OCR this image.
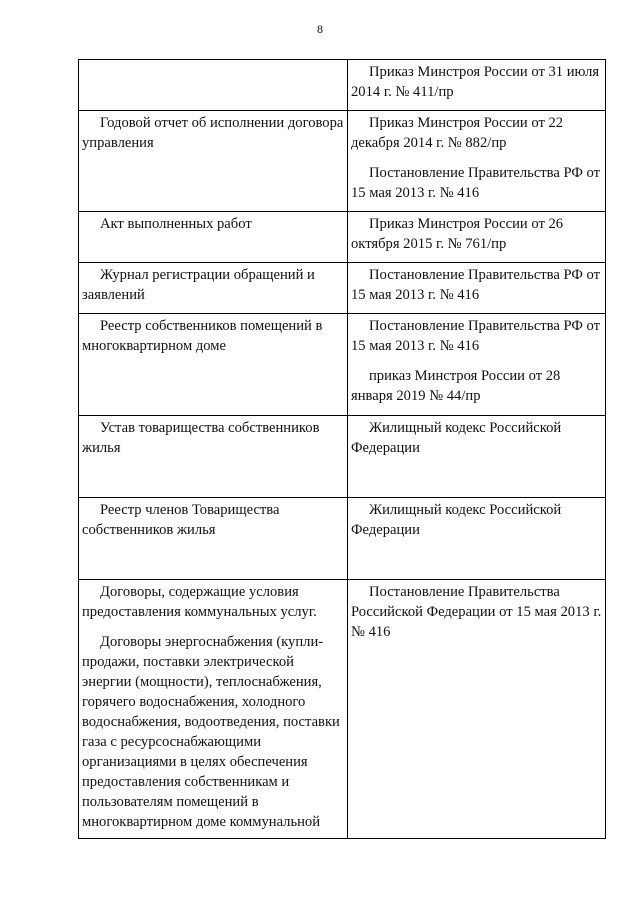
8

	Приказ Минстроя России от 31 июля 2014 г. № 411/пр

Годовой отчет об исполнении договора управления	Приказ Минстроя России от 22 декабря 2014 г. № 882/пр

Постановление Правительства РФ от 15 мая 2013 г. № 416

Акт выполненных работ	Приказ Минстроя России от 26 октября 2015 г. № 761/пр

Журнал регистрации обращений и заявлений	Постановление Правительства РФ от 15 мая 2013 г. № 416

Реестр собственников помещений в многоквартирном доме	Постановление Правительства РФ от 15 мая 2013 г. № 416

приказ Минстроя России от 28 января 2019 № 44/пр

Устав товарищества собственников жилья	Жилищный кодекс Российской Федерации

Реестр членов Товарищества собственников жилья	Жилищный кодекс Российской Федерации

Договоры, содержащие условия предоставления коммунальных услуг.

Договоры энергоснабжения (купли-продажи, поставки электрической энергии (мощности), теплоснабжения, горячего водоснабжения, холодного водоснабжения, водоотведения, поставки газа с ресурсоснабжающими организациями в целях обеспечения предоставления собственникам и пользователям помещений в многоквартирном доме коммунальной	Постановление Правительства Российской Федерации от 15 мая 2013 г. № 416
